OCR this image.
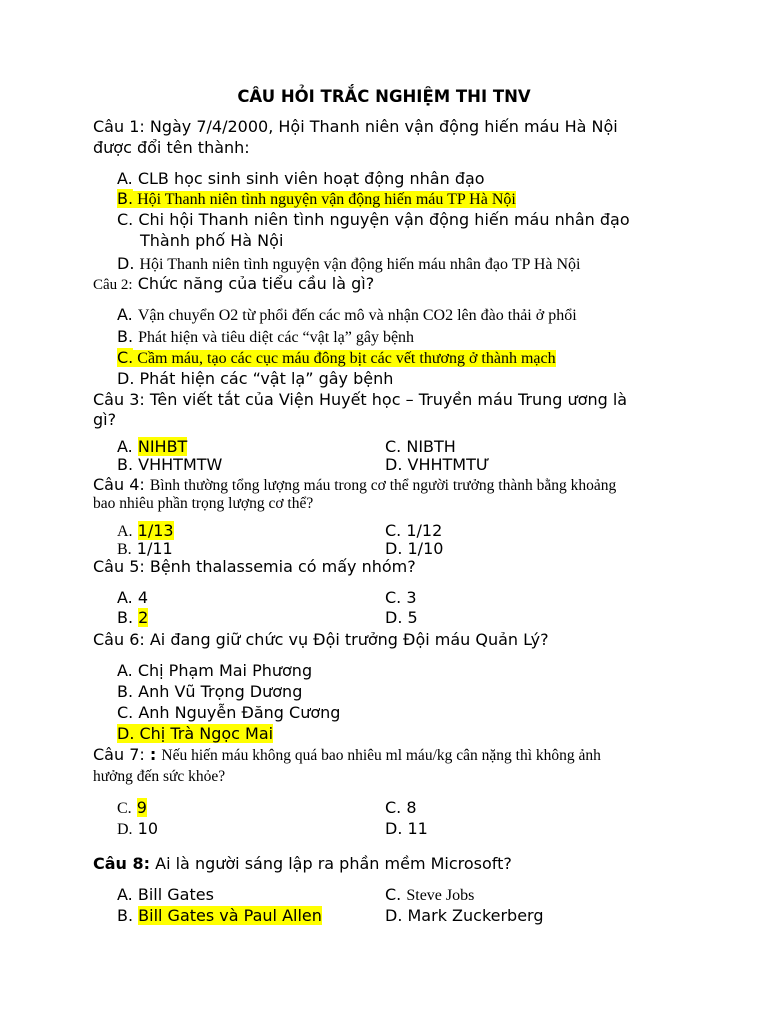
CÂU HỎI TRẮC NGHIỆM THI TNV
Câu 1: Ngày 7/4/2000, Hội Thanh niên vận động hiến máu Hà Nội
được đổi tên thành:
A. CLB học sinh sinh viên hoạt động nhân đạo
B. Hội Thanh niên tình nguyện vận động hiến máu TP Hà Nội
C. Chi hội Thanh niên tình nguyện vận động hiến máu nhân đạo
Thành phố Hà Nội
D. Hội Thanh niên tình nguyện vận động hiến máu nhân đạo TP Hà Nội
Câu 2: Chức năng của tiểu cầu là gì?
A. Vận chuyển O2 từ phổi đến các mô và nhận CO2 lên đào thải ở phổi
B. Phát hiện và tiêu diệt các “vật lạ” gây bệnh
C. Cầm máu, tạo các cục máu đông bịt các vết thương ở thành mạch
D. Phát hiện các “vật lạ” gây bệnh
Câu 3: Tên viết tắt của Viện Huyết học – Truyền máu Trung ương là
gì?
A. NIHBT	C. NIBTH
B. VHHTMTW	D. VHHTMTƯ
Câu 4: Bình thường tổng lượng máu trong cơ thể người trưởng thành bằng khoảng
bao nhiêu phần trọng lượng cơ thể?
A. 1/13	C. 1/12
B. 1/11	D. 1/10
Câu 5: Bệnh thalassemia có mấy nhóm?
A. 4	C. 3
B. 2	D. 5
Câu 6: Ai đang giữ chức vụ Đội trưởng Đội máu Quản Lý?
A. Chị Phạm Mai Phương
B. Anh Vũ Trọng Dương
C. Anh Nguyễn Đăng Cương
D. Chị Trà Ngọc Mai
Câu 7: : Nếu hiến máu không quá bao nhiêu ml máu/kg cân nặng thì không ảnh
hưởng đến sức khỏe?
C. 9	C. 8
D. 10	D. 11
Câu 8: Ai là người sáng lập ra phần mềm Microsoft?
A. Bill Gates	C. Steve Jobs
B. Bill Gates và Paul Allen	D. Mark Zuckerberg
